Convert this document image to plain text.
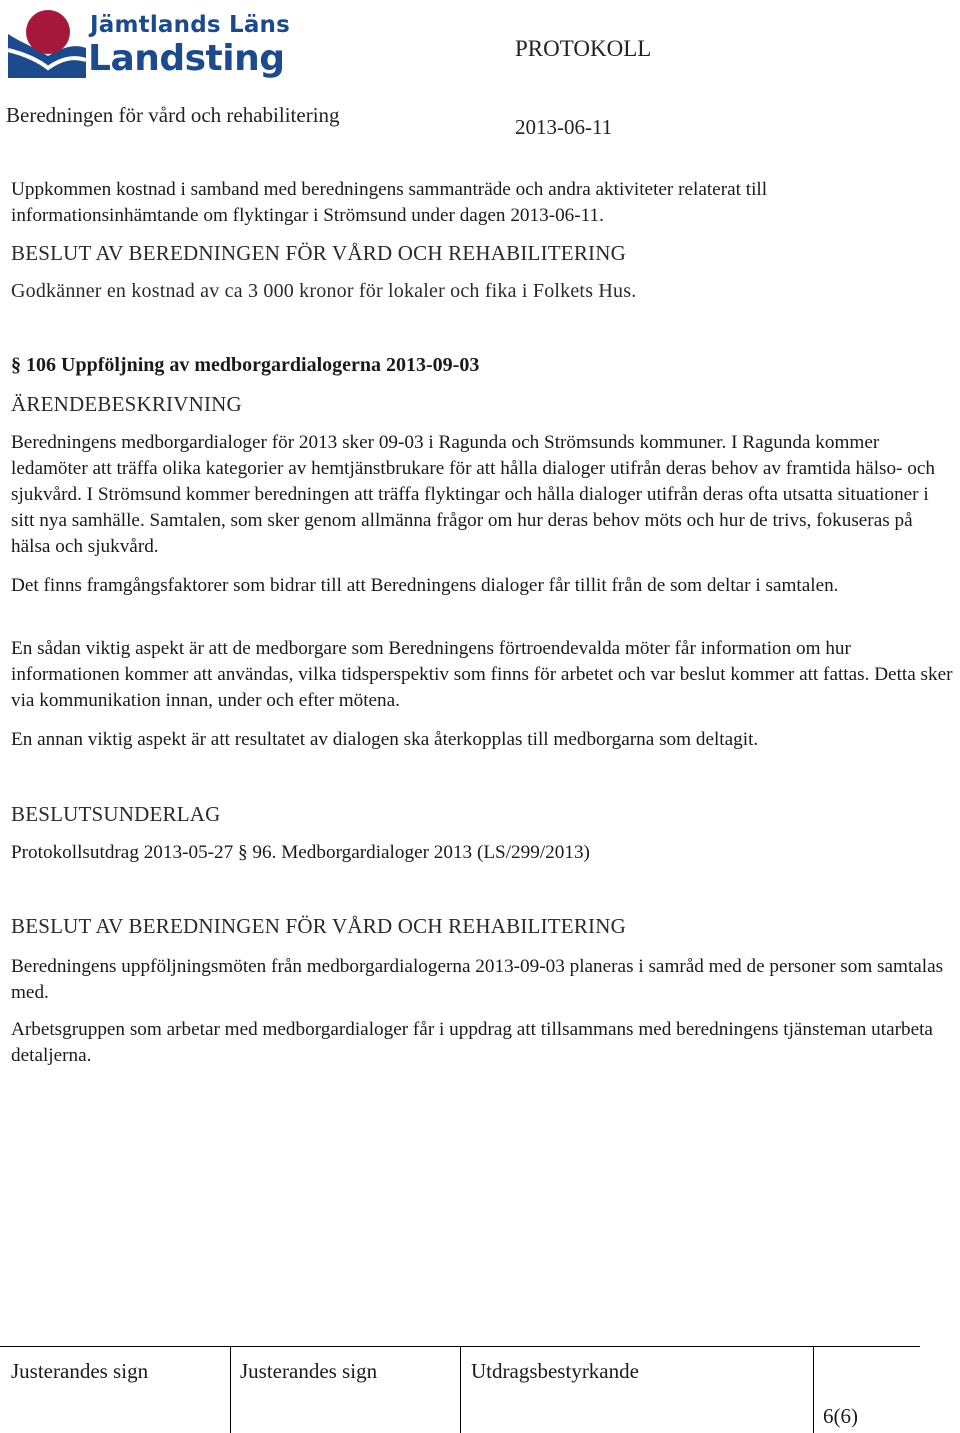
Jämtlands Läns
Landsting	PROTOKOLL
Beredningen för vård och rehabilitering	2013-06-11
Uppkommen kostnad i samband med beredningens sammanträde och andra aktiviteter relaterat till informationsinhämtande om flyktingar i Strömsund under dagen 2013-06-11.
BESLUT AV BEREDNINGEN FÖR VÅRD OCH REHABILITERING
Godkänner en kostnad av ca 3 000 kronor för lokaler och fika i Folkets Hus.
§ 106 Uppföljning av medborgardialogerna 2013-09-03
ÄRENDEBESKRIVNING
Beredningens medborgardialoger för 2013 sker 09-03 i Ragunda och Strömsunds kommuner. I Ragunda kommer ledamöter att träffa olika kategorier av hemtjänstbrukare för att hålla dialoger utifrån deras behov av framtida hälso- och sjukvård. I Strömsund kommer beredningen att träffa flyktingar och hålla dialoger utifrån deras ofta utsatta situationer i sitt nya samhälle. Samtalen, som sker genom allmänna frågor om hur deras behov möts och hur de trivs, fokuseras på hälsa och sjukvård.
Det finns framgångsfaktorer som bidrar till att Beredningens dialoger får tillit från de som deltar i samtalen.
En sådan viktig aspekt är att de medborgare som Beredningens förtroendevalda möter får information om hur informationen kommer att användas, vilka tidsperspektiv som finns för arbetet och var beslut kommer att fattas. Detta sker via kommunikation innan, under och efter mötena.
En annan viktig aspekt är att resultatet av dialogen ska återkopplas till medborgarna som deltagit.
BESLUTSUNDERLAG
Protokollsutdrag 2013-05-27 § 96. Medborgardialoger 2013 (LS/299/2013)
BESLUT AV BEREDNINGEN FÖR VÅRD OCH REHABILITERING
Beredningens uppföljningsmöten från medborgardialogerna 2013-09-03 planeras i samråd med de personer som samtalas med.
Arbetsgruppen som arbetar med medborgardialoger får i uppdrag att tillsammans med beredningens tjänsteman utarbeta detaljerna.
Justerandes sign	Justerandes sign	Utdragsbestyrkande
6(6)
